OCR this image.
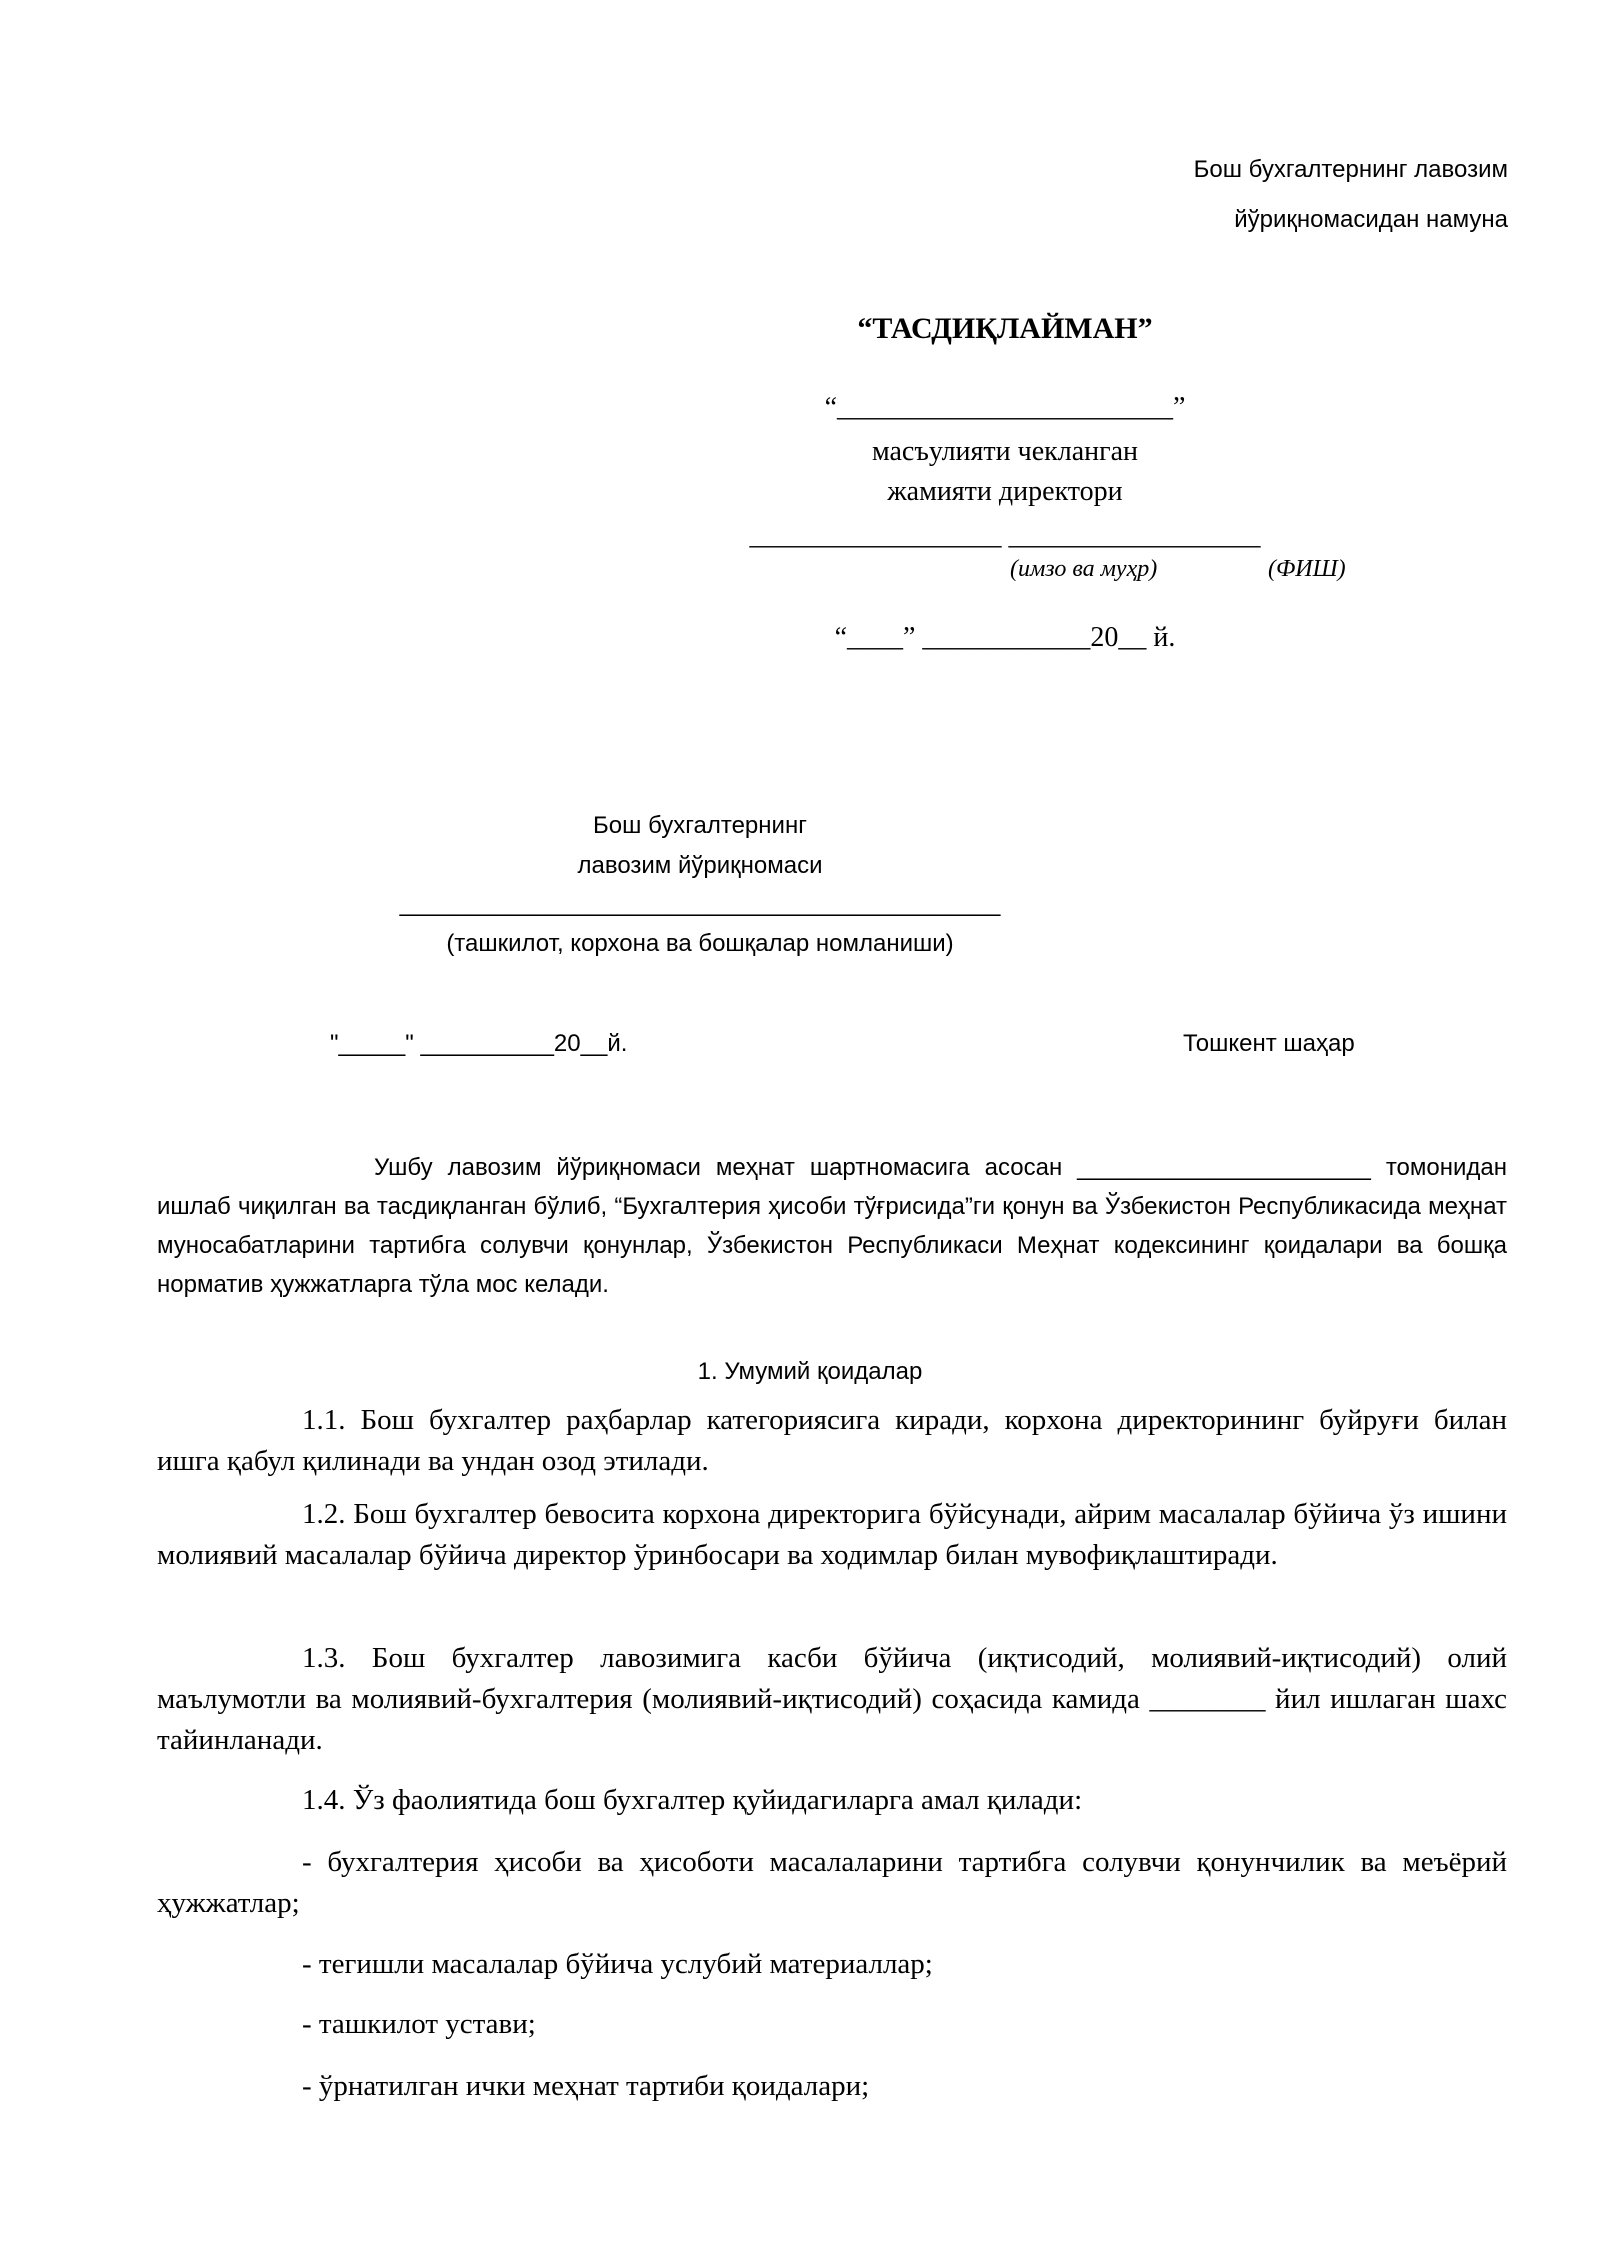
Бош бухгалтернинг лавозим

йўриқномасидан намуна

“ТАСДИҚЛАЙМАН”

“________________________”

масъулияти чекланган

жамияти директори

__________________ __________________

(имзо ва муҳр)	(ФИШ)

“____” ____________20__ й.

Бош бухгалтернинг

лавозим йўриқномаси

_____________________________________________

(ташкилот, корхона ва бошқалар номланиши)

"_____" __________20__й.	Тошкент шаҳар

Ушбу лавозим йўриқномаси меҳнат шартномасига асосан ______________________ томонидан ишлаб чиқилган ва тасдиқланган бўлиб, “Бухгалтерия ҳисоби тўғрисида”ги қонун ва Ўзбекистон Республикасида меҳнат муносабатларини тартибга солувчи қонунлар, Ўзбекистон Республикаси Меҳнат кодексининг қоидалари ва бошқа норматив ҳужжатларга тўла мос келади.

1. Умумий қоидалар

1.1. Бош бухгалтер раҳбарлар категориясига киради, корхона директорининг буйруғи билан ишга қабул қилинади ва ундан озод этилади.

1.2. Бош бухгалтер бевосита корхона директорига бўйсунади, айрим масалалар бўйича ўз ишини молиявий масалалар бўйича директор ўринбосари ва ходимлар билан мувофиқлаштиради.

1.3. Бош бухгалтер лавозимига касби бўйича (иқтисодий, молиявий-иқтисодий) олий маълумотли ва молиявий-бухгалтерия (молиявий-иқтисодий) соҳасида камида ________ йил ишлаган шахс тайинланади.

1.4. Ўз фаолиятида бош бухгалтер қуйидагиларга амал қилади:

- бухгалтерия ҳисоби ва ҳисоботи масалаларини тартибга солувчи қонунчилик ва меъёрий ҳужжатлар;

- тегишли масалалар бўйича услубий материаллар;

- ташкилот устави;

- ўрнатилган ички меҳнат тартиби қоидалари;
